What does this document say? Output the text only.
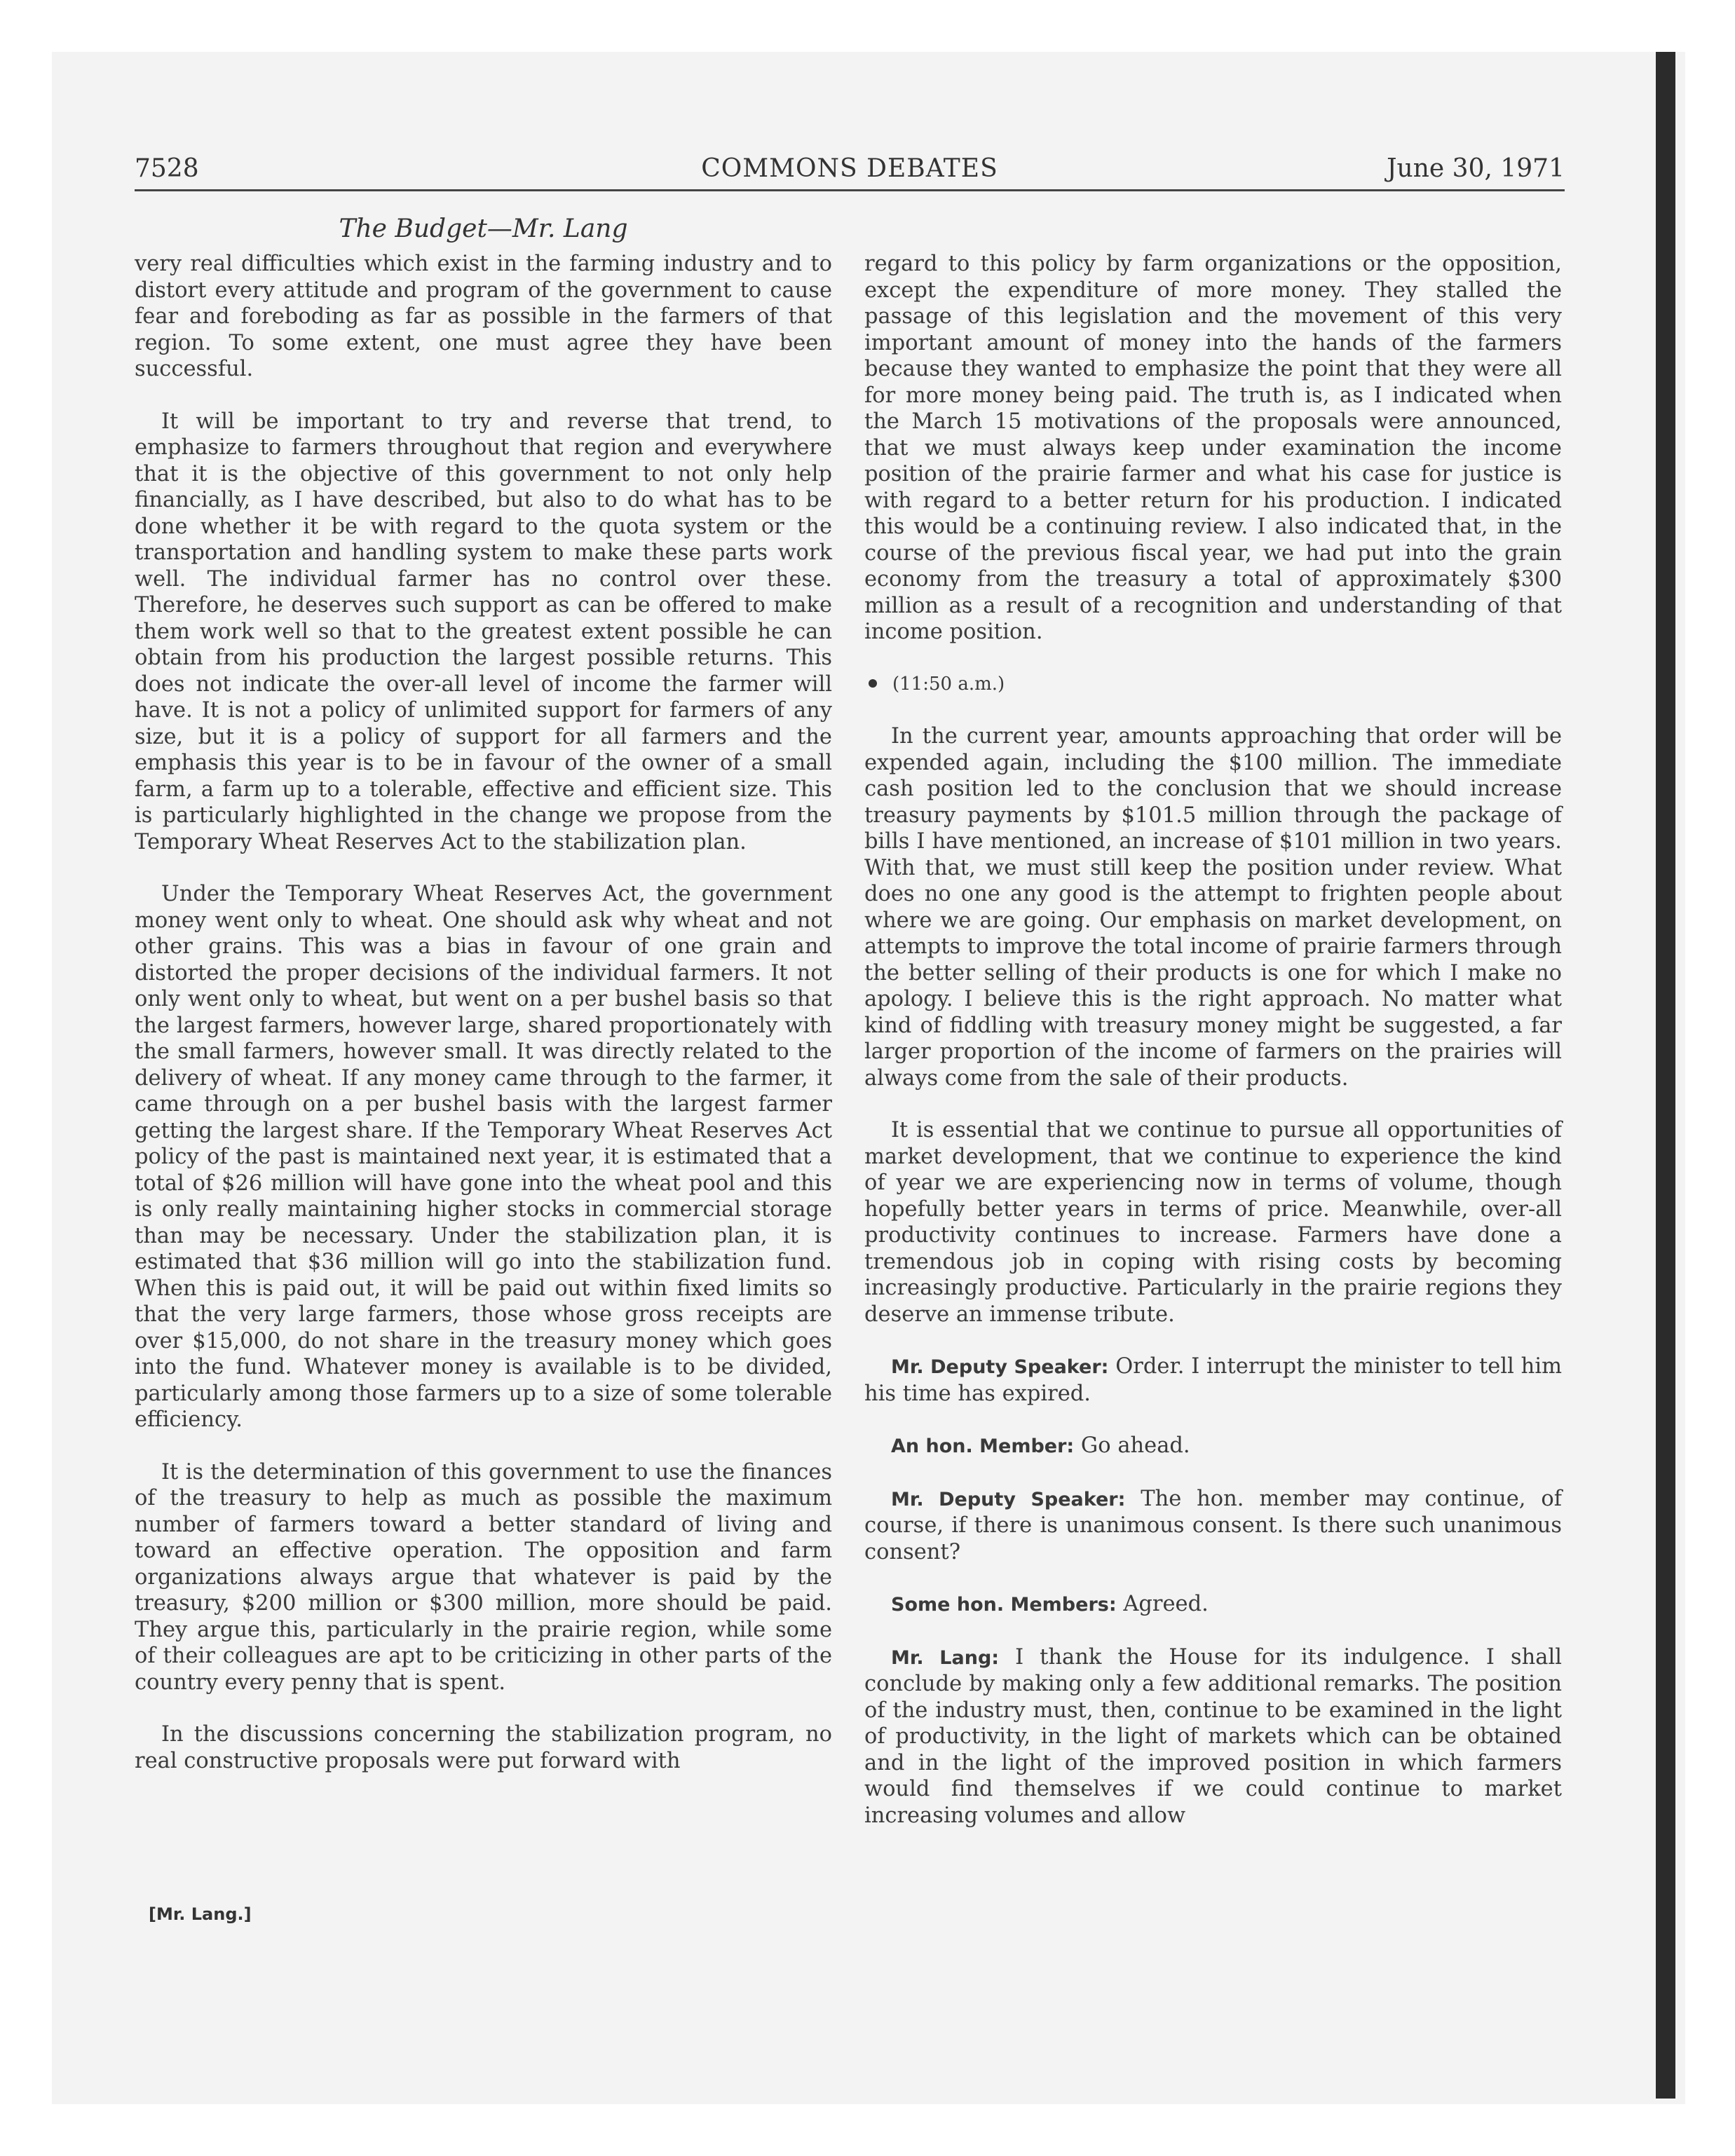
7528	COMMONS DEBATES	June 30, 1971
The Budget—Mr. Lang

very real difficulties which exist in the farming industry and to distort every attitude and program of the government to cause fear and foreboding as far as possible in the farmers of that region. To some extent, one must agree they have been successful.

It will be important to try and reverse that trend, to emphasize to farmers throughout that region and everywhere that it is the objective of this government to not only help financially, as I have described, but also to do what has to be done whether it be with regard to the quota system or the transportation and handling system to make these parts work well. The individual farmer has no control over these. Therefore, he deserves such support as can be offered to make them work well so that to the greatest extent possible he can obtain from his production the largest possible returns. This does not indicate the over-all level of income the farmer will have. It is not a policy of unlimited support for farmers of any size, but it is a policy of support for all farmers and the emphasis this year is to be in favour of the owner of a small farm, a farm up to a tolerable, effective and efficient size. This is particularly highlighted in the change we propose from the Temporary Wheat Reserves Act to the stabilization plan.

Under the Temporary Wheat Reserves Act, the government money went only to wheat. One should ask why wheat and not other grains. This was a bias in favour of one grain and distorted the proper decisions of the individual farmers. It not only went only to wheat, but went on a per bushel basis so that the largest farmers, however large, shared proportionately with the small farmers, however small. It was directly related to the delivery of wheat. If any money came through to the farmer, it came through on a per bushel basis with the largest farmer getting the largest share. If the Temporary Wheat Reserves Act policy of the past is maintained next year, it is estimated that a total of $26 million will have gone into the wheat pool and this is only really maintaining higher stocks in commercial storage than may be necessary. Under the stabilization plan, it is estimated that $36 million will go into the stabilization fund. When this is paid out, it will be paid out within fixed limits so that the very large farmers, those whose gross receipts are over $15,000, do not share in the treasury money which goes into the fund. Whatever money is available is to be divided, particularly among those farmers up to a size of some tolerable efficiency.

It is the determination of this government to use the finances of the treasury to help as much as possible the maximum number of farmers toward a better standard of living and toward an effective operation. The opposition and farm organizations always argue that whatever is paid by the treasury, $200 million or $300 million, more should be paid. They argue this, particularly in the prairie region, while some of their colleagues are apt to be criticizing in other parts of the country every penny that is spent.

In the discussions concerning the stabilization program, no real constructive proposals were put forward with

[Mr. Lang.]

regard to this policy by farm organizations or the opposition, except the expenditure of more money. They stalled the passage of this legislation and the movement of this very important amount of money into the hands of the farmers because they wanted to emphasize the point that they were all for more money being paid. The truth is, as I indicated when the March 15 motivations of the proposals were announced, that we must always keep under examination the income position of the prairie farmer and what his case for justice is with regard to a better return for his production. I indicated this would be a continuing review. I also indicated that, in the course of the previous fiscal year, we had put into the grain economy from the treasury a total of approximately $300 million as a result of a recognition and understanding of that income position.

(11:50 a.m.)

In the current year, amounts approaching that order will be expended again, including the $100 million. The immediate cash position led to the conclusion that we should increase treasury payments by $101.5 million through the package of bills I have mentioned, an increase of $101 million in two years. With that, we must still keep the position under review. What does no one any good is the attempt to frighten people about where we are going. Our emphasis on market development, on attempts to improve the total income of prairie farmers through the better selling of their products is one for which I make no apology. I believe this is the right approach. No matter what kind of fiddling with treasury money might be suggested, a far larger proportion of the income of farmers on the prairies will always come from the sale of their products.

It is essential that we continue to pursue all opportunities of market development, that we continue to experience the kind of year we are experiencing now in terms of volume, though hopefully better years in terms of price. Meanwhile, over-all productivity continues to increase. Farmers have done a tremendous job in coping with rising costs by becoming increasingly productive. Particularly in the prairie regions they deserve an immense tribute.

Mr. Deputy Speaker: Order. I interrupt the minister to tell him his time has expired.

An hon. Member: Go ahead.

Mr. Deputy Speaker: The hon. member may continue, of course, if there is unanimous consent. Is there such unanimous consent?

Some hon. Members: Agreed.

Mr. Lang: I thank the House for its indulgence. I shall conclude by making only a few additional remarks. The position of the industry must, then, continue to be examined in the light of productivity, in the light of markets which can be obtained and in the light of the improved position in which farmers would find themselves if we could continue to market increasing volumes and allow
